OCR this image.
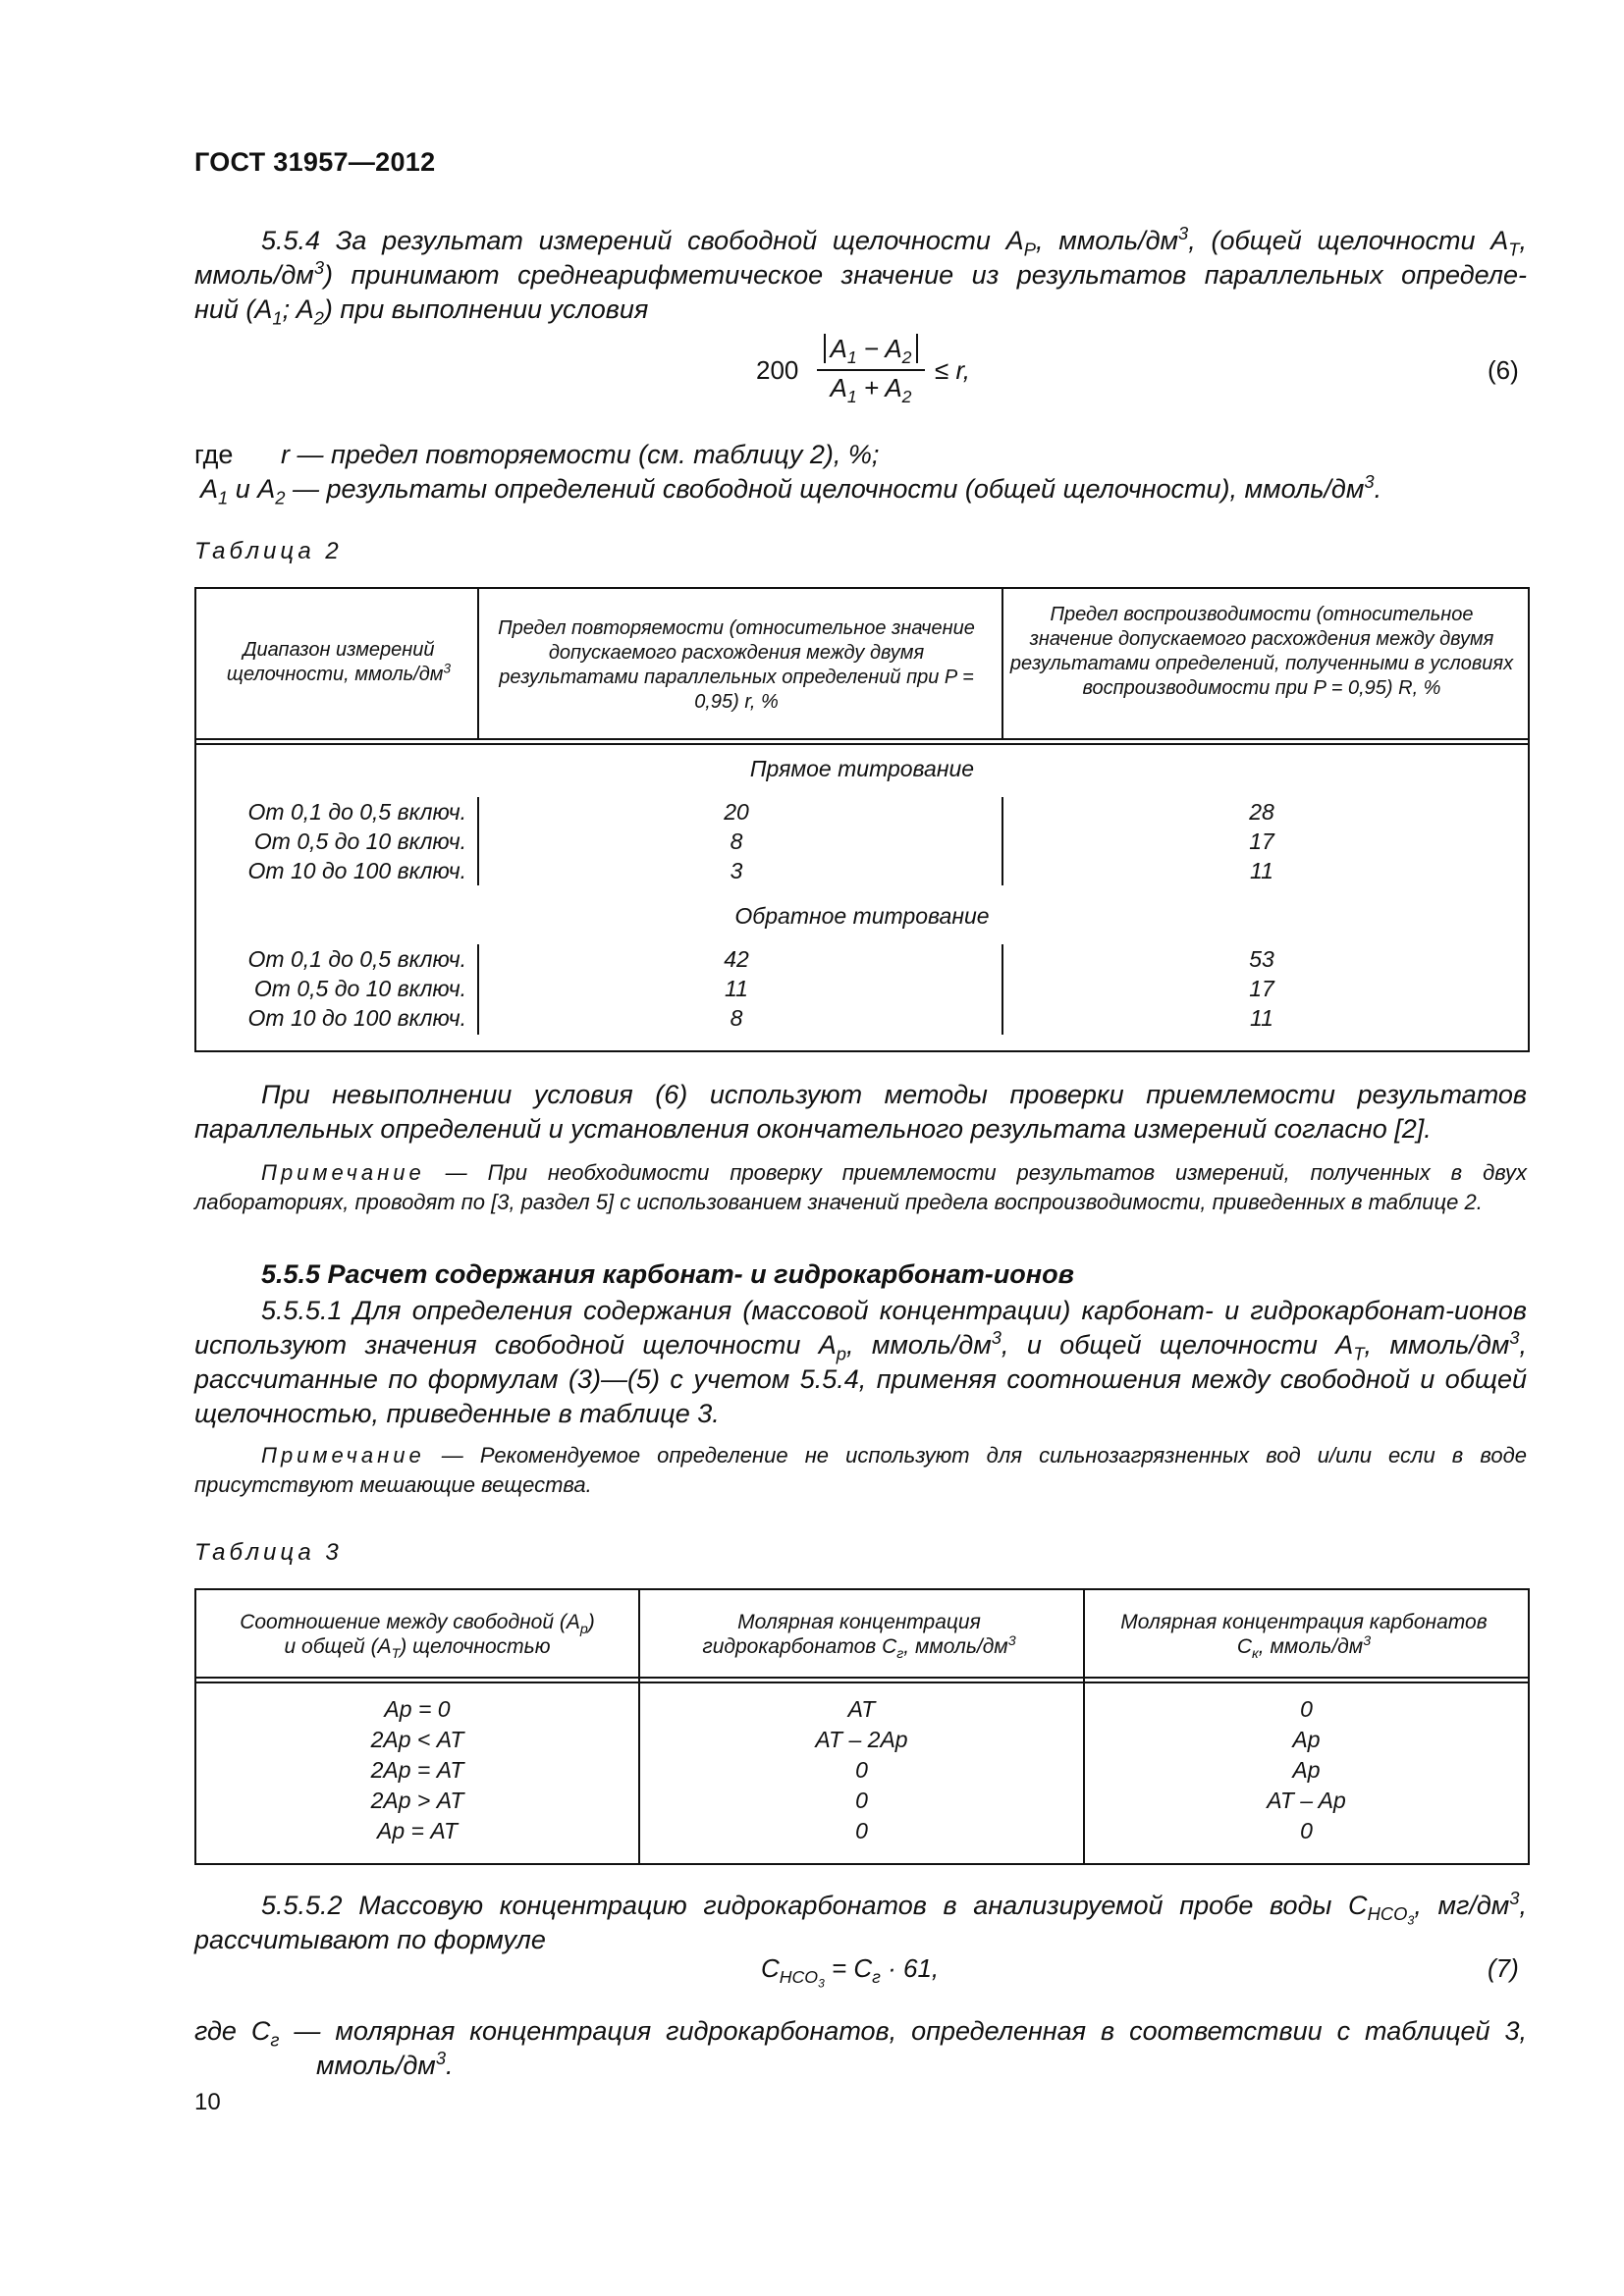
ГОСТ 31957—2012
5.5.4 За результат измерений свободной щелочности $A_P$, ммоль/$дм^3$, (общей щелочности $A_T$,
ммоль/$дм^3$) принимают среднеарифметическое значение из результатов параллельных определе-
ний ($A_1$; $A_2$) при выполнении условия
200
$A_1 - A_2$
$A_1 + A_2$
≤ r,	(6)
где r — предел повторяемости (см. таблицу 2), %;
$A_1$ и $A_2$ — результаты определений свободной щелочности (общей щелочности), ммоль/$дм^3$.
Таблица 2
Диапазон измерений щелочности, ммоль/$дм^3$
Предел повторяемости (относительное значение допускаемого расхождения между двумя результатами параллельных определений при P = 0,95) r, %
Предел воспроизводимости (относительное значение допускаемого расхождения между двумя результатами определений, полученными в условиях воспроизводимости при P = 0,95) R, %
Прямое титрование
От 0,1 до 0,5 включ.
От 0,5 до 10 включ.
От 10 до 100 включ.
20
8
3
28
17
11
Обратное титрование
От 0,1 до 0,5 включ.
От 0,5 до 10 включ.
От 10 до 100 включ.
42
11
8
53
17
11
При невыполнении условия (6) используют методы проверки приемлемости результатов параллельных определений и установления окончательного результата измерений согласно [2].
Примечание — При необходимости проверку приемлемости результатов измерений, полученных в двух лабораториях, проводят по [3, раздел 5] с использованием значений предела воспроизводимости, приведенных в таблице 2.
5.5.5 Расчет содержания карбонат- и гидрокарбонат-ионов
5.5.5.1 Для определения содержания (массовой концентрации) карбонат- и гидрокарбонат-ионов используют значения свободной щелочности $A_р$, ммоль/$дм^3$, и общей щелочности $A_T$, ммоль/$дм^3$, рассчитанные по формулам (3)—(5) с учетом 5.5.4, применяя соотношения между свободной и общей щелочностью, приведенные в таблице 3.
Примечание — Рекомендуемое определение не используют для сильнозагрязненных вод и/или если в воде присутствуют мешающие вещества.
Таблица 3
Соотношение между свободной $(A_р)$
и общей $(A_T)$ щелочностью
Молярная концентрация
гидрокарбонатов $C_г$, ммоль/$дм^3$
Молярная концентрация карбонатов
$C_к$, ммоль/$дм^3$
Aр = 0
2Aр < AT
2Aр = AT
2Aр > AT
Aр = AT
AT
AT – 2Aр
0
0
0
0
Aр
Aр
AT – Aр
0
5.5.5.2 Массовую концентрацию гидрокарбонатов в анализируемой пробе воды $C_{HCO_3}$, $мг/дм^3$,
рассчитывают по формуле
$C_{HCO_3} = C_г \cdot 61$,	(7)
где $C_г$ — молярная концентрация гидрокарбонатов, определенная в соответствии с таблицей 3,
ммоль/$дм^3$.
10
